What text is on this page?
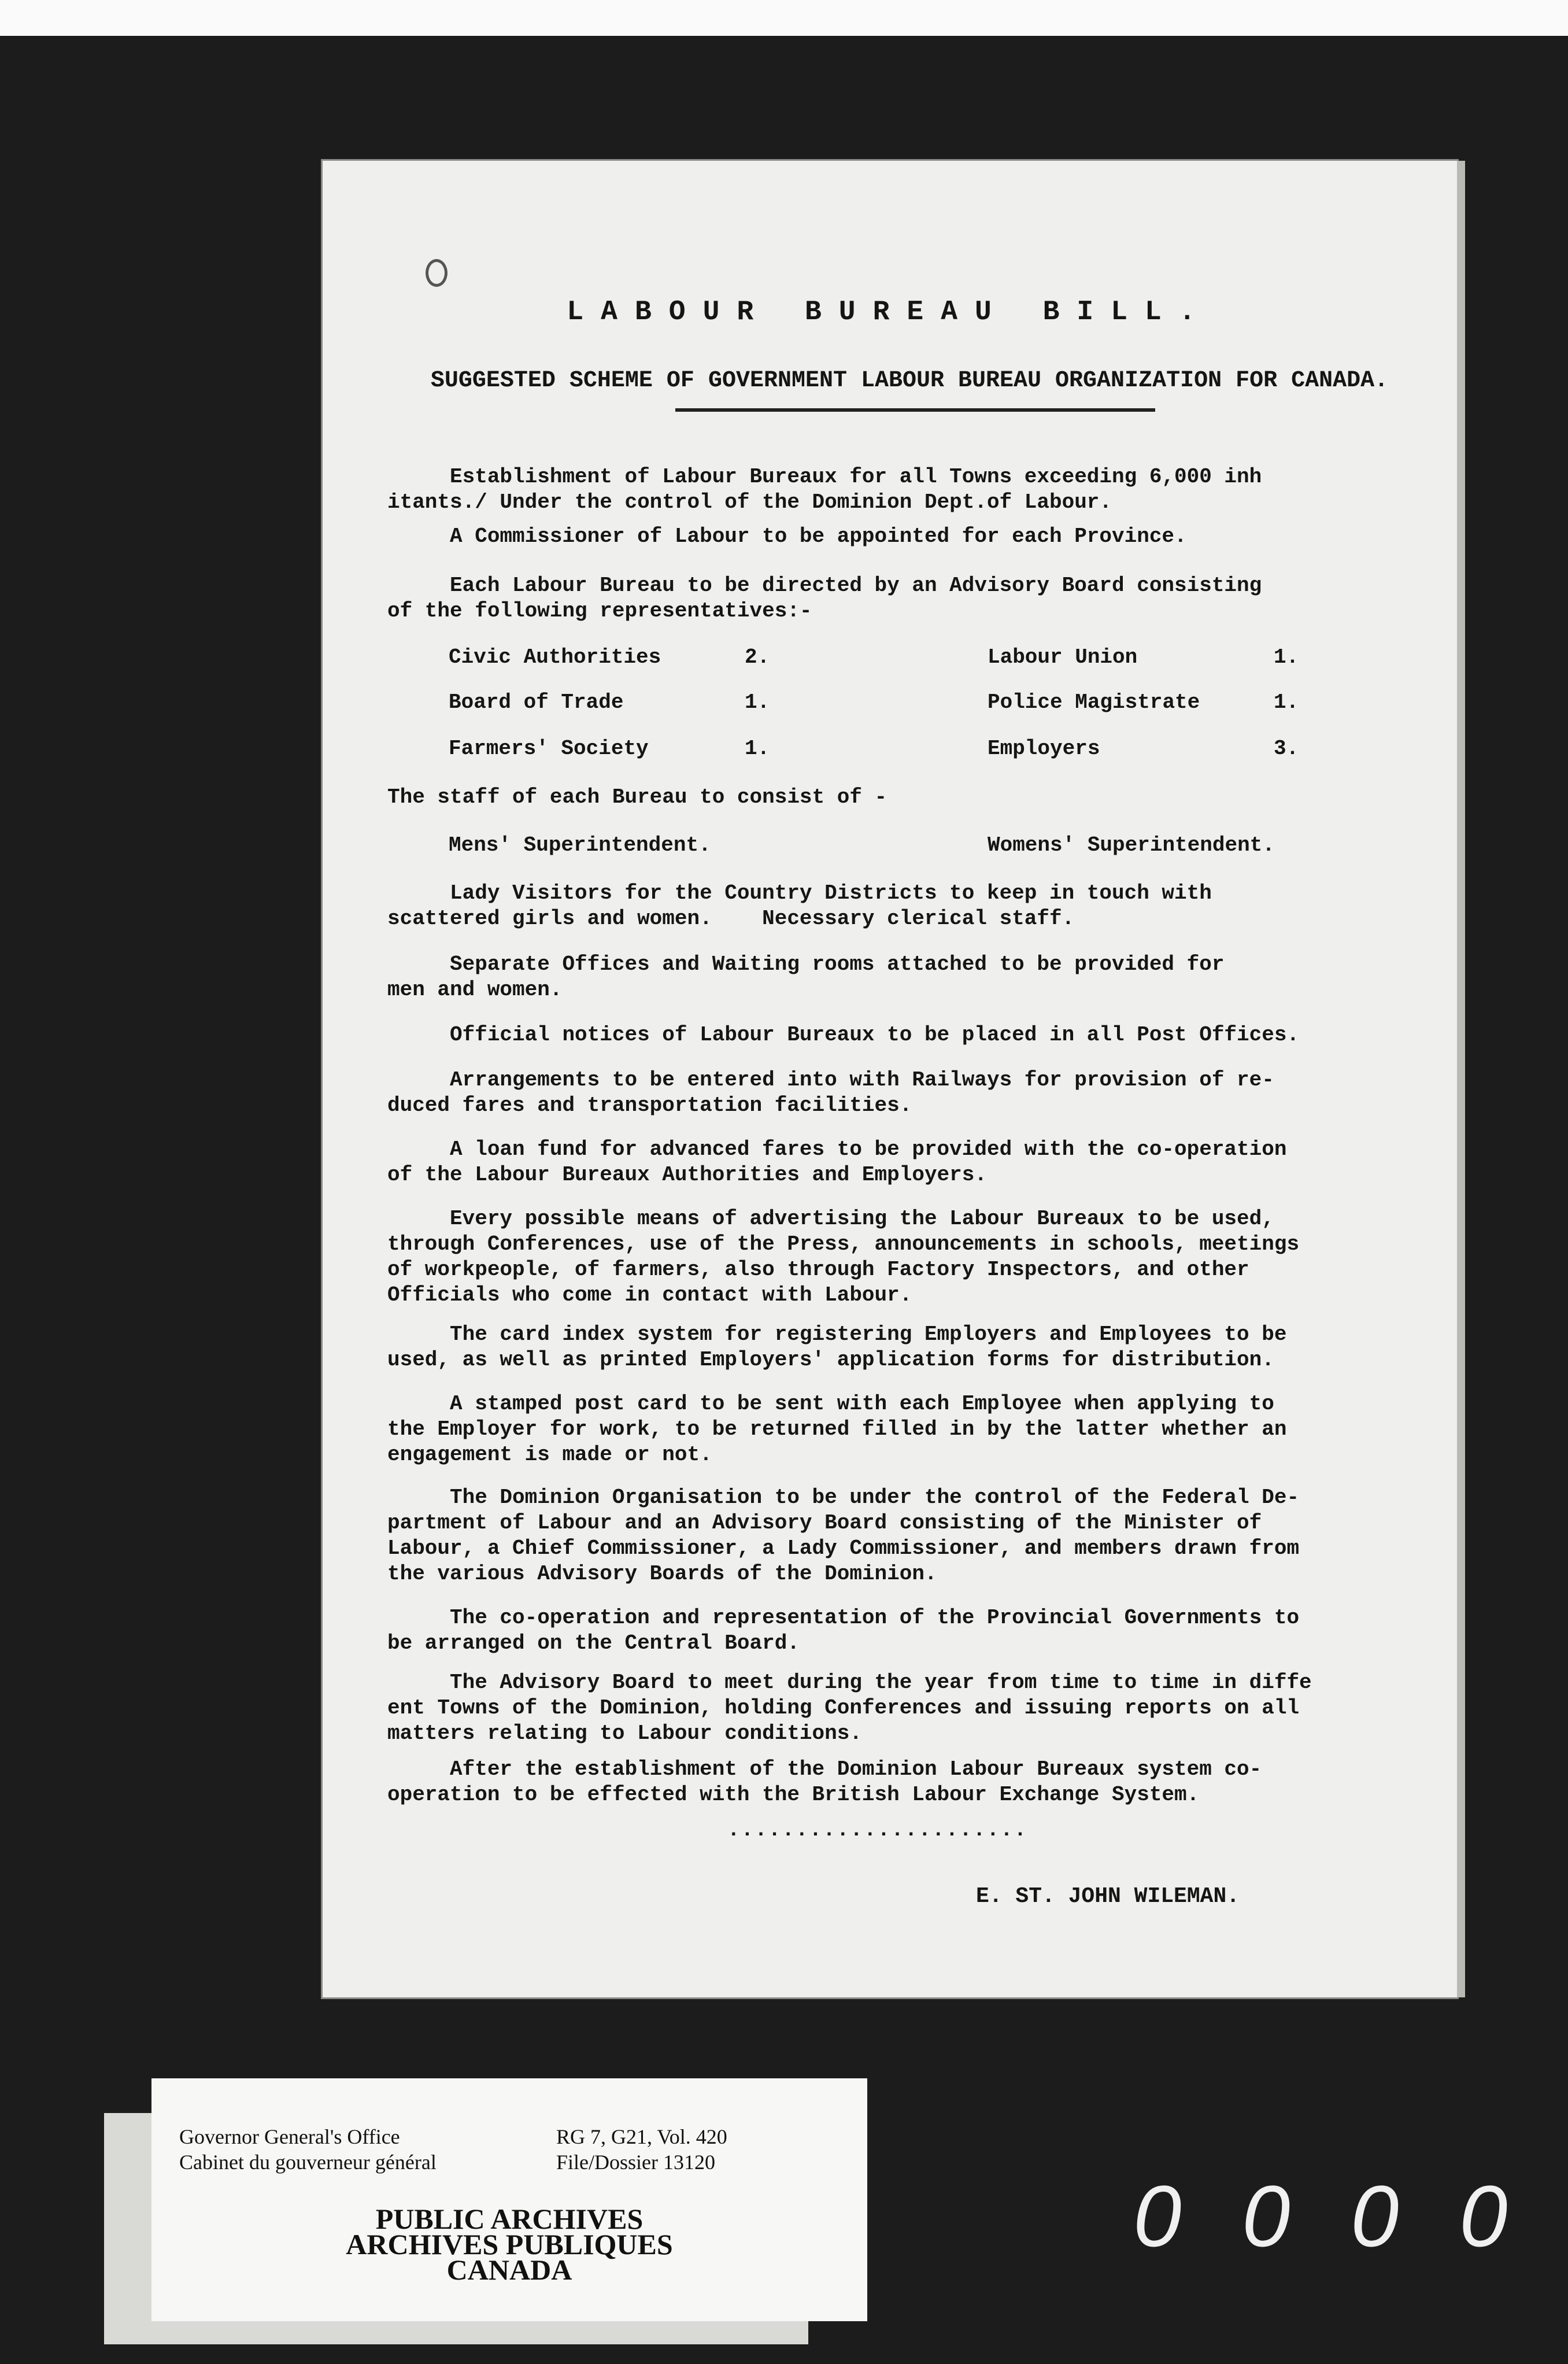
LABOUR BUREAU BILL.
SUGGESTED SCHEME OF GOVERNMENT LABOUR BUREAU ORGANIZATION FOR CANADA.
Establishment of Labour Bureaux for all Towns exceeding 6,000 inh
itants./ Under the control of the Dominion Dept.of Labour.
A Commissioner of Labour to be appointed for each Province.
Each Labour Bureau to be directed by an Advisory Board consisting
of the following representatives:-
Civic Authorities	2.	Labour Union	1.
Board of Trade	1.	Police Magistrate	1.
Farmers' Society	1.	Employers	3.
The staff of each Bureau to consist of -
Mens' Superintendent.	Womens' Superintendent.
Lady Visitors for the Country Districts to keep in touch with
scattered girls and women.    Necessary clerical staff.
Separate Offices and Waiting rooms attached to be provided for
men and women.
Official notices of Labour Bureaux to be placed in all Post Offices.
Arrangements to be entered into with Railways for provision of re-
duced fares and transportation facilities.
A loan fund for advanced fares to be provided with the co-operation
of the Labour Bureaux Authorities and Employers.
Every possible means of advertising the Labour Bureaux to be used,
through Conferences, use of the Press, announcements in schools, meetings
of workpeople, of farmers, also through Factory Inspectors, and other
Officials who come in contact with Labour.
The card index system for registering Employers and Employees to be
used, as well as printed Employers' application forms for distribution.
A stamped post card to be sent with each Employee when applying to
the Employer for work, to be returned filled in by the latter whether an
engagement is made or not.
The Dominion Organisation to be under the control of the Federal De-
partment of Labour and an Advisory Board consisting of the Minister of
Labour, a Chief Commissioner, a Lady Commissioner, and members drawn from
the various Advisory Boards of the Dominion.
The co-operation and representation of the Provincial Governments to
be arranged on the Central Board.
The Advisory Board to meet during the year from time to time in diffe
ent Towns of the Dominion, holding Conferences and issuing reports on all
matters relating to Labour conditions.
After the establishment of the Dominion Labour Bureaux system co-
operation to be effected with the British Labour Exchange System.
......................
E. ST. JOHN WILEMAN.
Governor General's Office
Cabinet du gouverneur général
RG 7, G21, Vol. 420
File/Dossier 13120
PUBLIC ARCHIVES
ARCHIVES PUBLIQUES
CANADA
0 0 0 0
